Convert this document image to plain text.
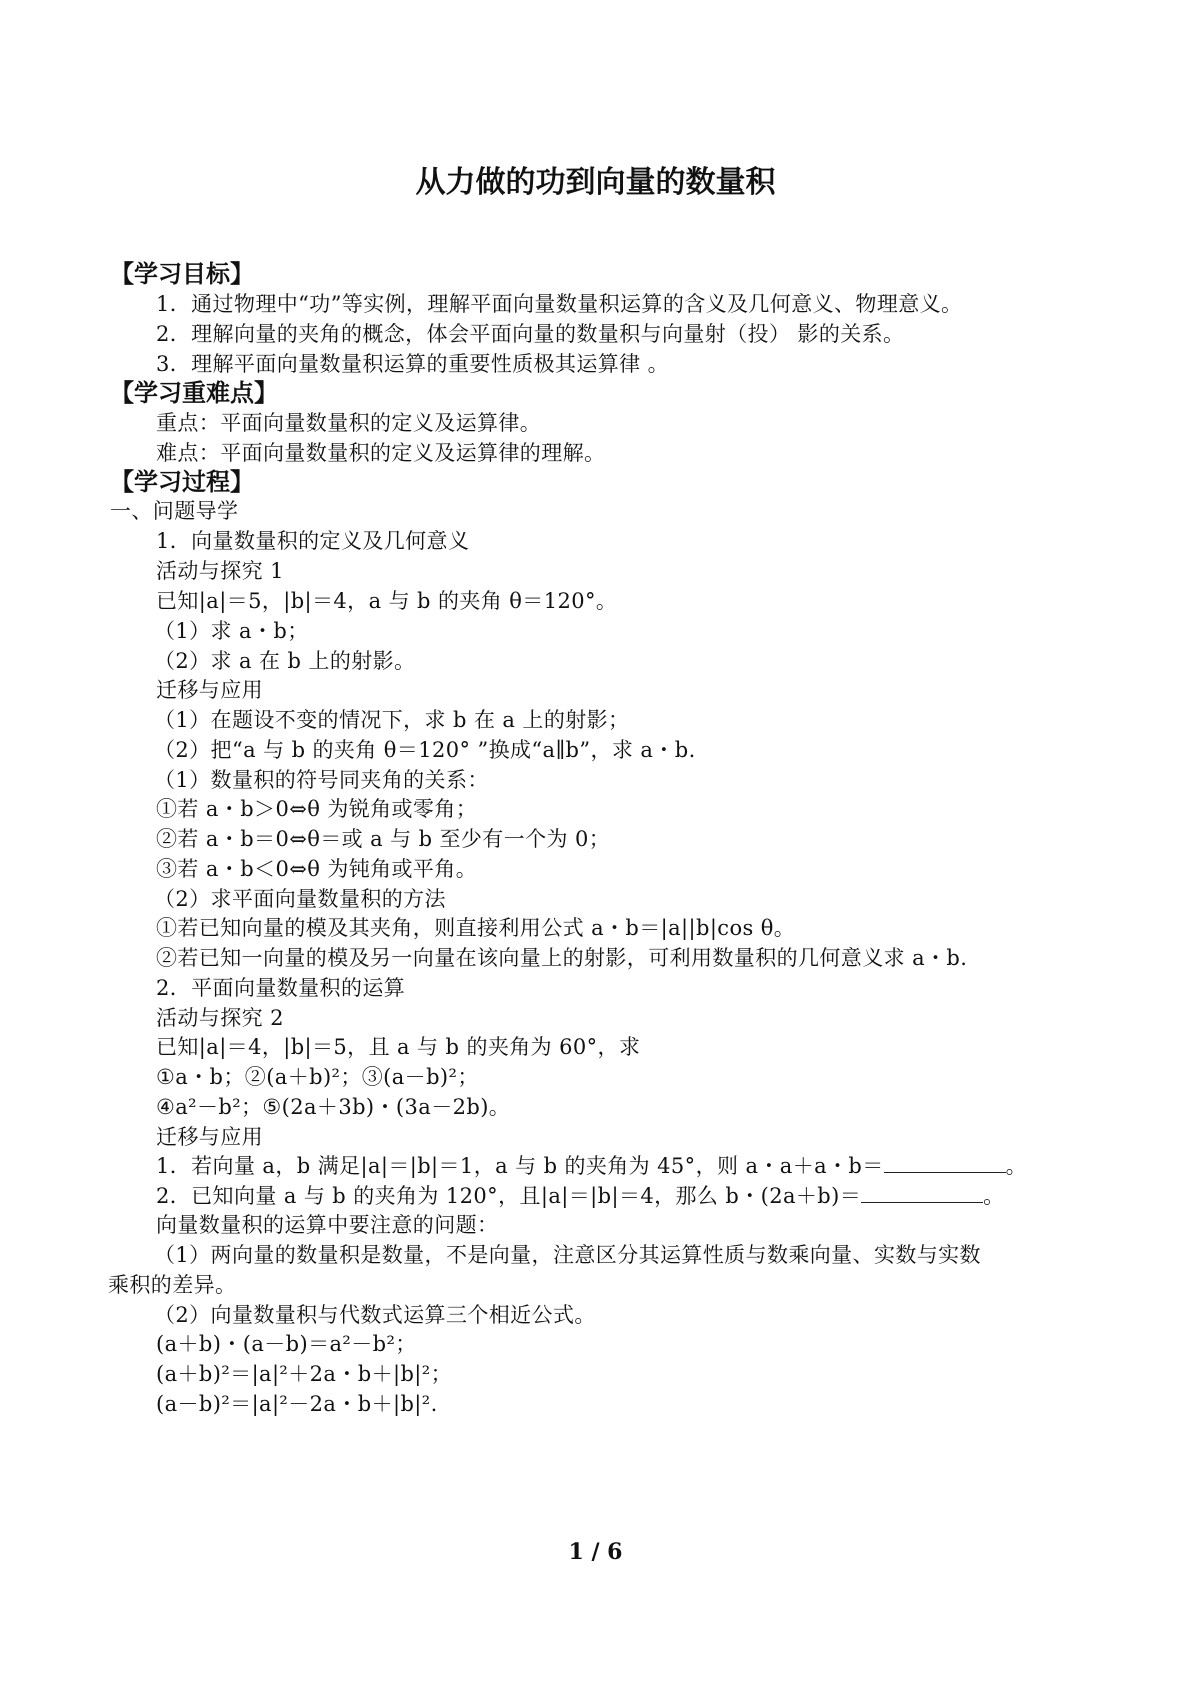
从力做的功到向量的数量积
【学习目标】
1．通过物理中“功”等实例，理解平面向量数量积运算的含义及几何意义、物理意义。
2．理解向量的夹角的概念，体会平面向量的数量积与向量射（投） 影的关系。
3．理解平面向量数量积运算的重要性质极其运算律 。
【学习重难点】
重点：平面向量数量积的定义及运算律。
难点：平面向量数量积的定义及运算律的理解。
【学习过程】
一、问题导学
1．向量数量积的定义及几何意义
活动与探究 1
已知|a|＝5，|b|＝4，a 与 b 的夹角 θ＝120°。
（1）求 a・b；
（2）求 a 在 b 上的射影。
迁移与应用
（1）在题设不变的情况下，求 b 在 a 上的射影；
（2）把“a 与 b 的夹角 θ＝120° ”换成“a∥b”，求 a・b.
（1）数量积的符号同夹角的关系：
①若 a・b＞0⇔θ 为锐角或零角；
②若 a・b＝0⇔θ＝或 a 与 b 至少有一个为 0；
③若 a・b＜0⇔θ 为钝角或平角。
（2）求平面向量数量积的方法
①若已知向量的模及其夹角，则直接利用公式 a・b＝|a||b|cos θ。
②若已知一向量的模及另一向量在该向量上的射影，可利用数量积的几何意义求 a・b.
2．平面向量数量积的运算
活动与探究 2
已知|a|＝4，|b|＝5，且 a 与 b 的夹角为 60°，求
①a・b；②(a＋b)²；③(a－b)²；
④a²－b²；⑤(2a＋3b)・(3a－2b)。
迁移与应用
1．若向量 a，b 满足|a|＝|b|＝1，a 与 b 的夹角为 45°，则 a・a＋a・b＝	。
2．已知向量 a 与 b 的夹角为 120°，且|a|＝|b|＝4，那么 b・(2a＋b)＝	。
向量数量积的运算中要注意的问题：
（1）两向量的数量积是数量，不是向量，注意区分其运算性质与数乘向量、实数与实数
乘积的差异。
（2）向量数量积与代数式运算三个相近公式。
(a＋b)・(a－b)＝a²－b²；
(a＋b)²＝|a|²＋2a・b＋|b|²；
(a－b)²＝|a|²－2a・b＋|b|².
1 / 6
